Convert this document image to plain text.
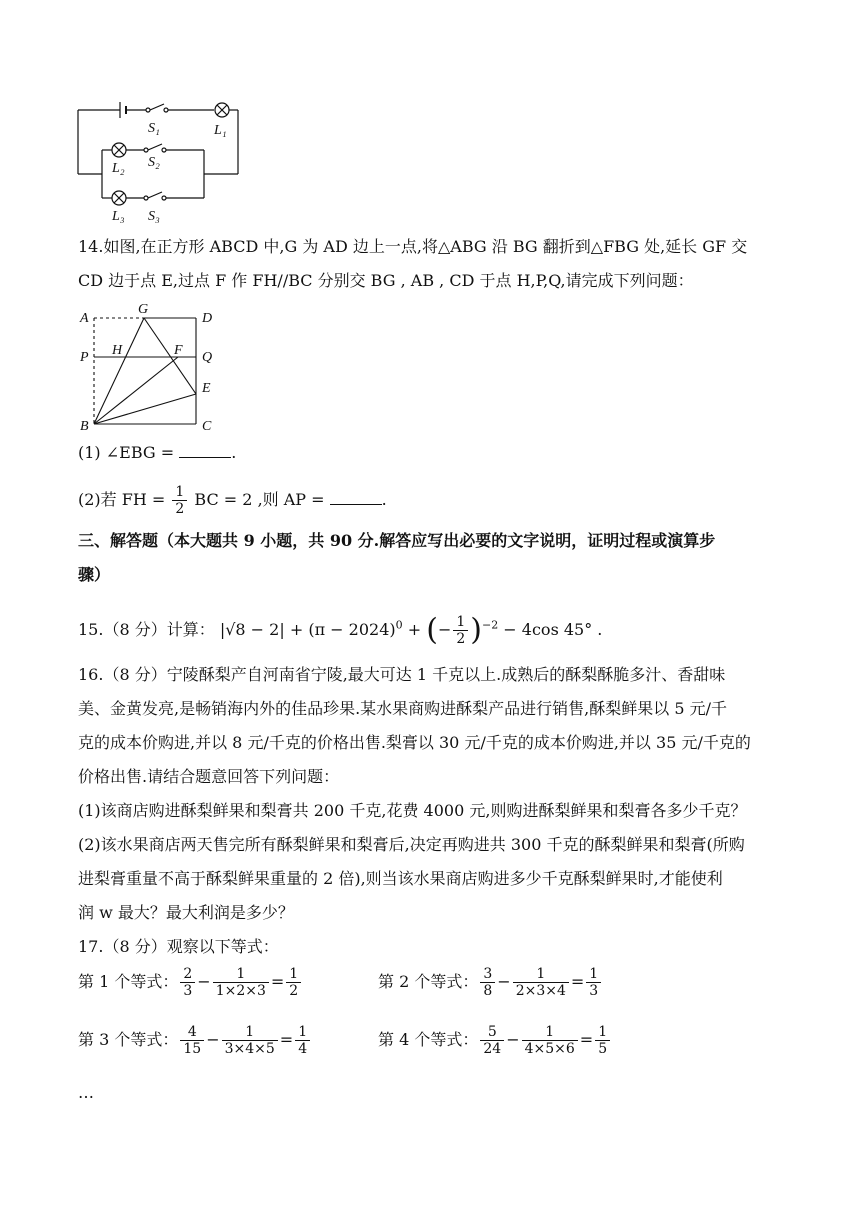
S₁	L₁
L₂ S₂
L₃ S₃
14.如图,在正方形 ABCD 中,G 为 AD 边上一点,将△ABG 沿 BG 翻折到△FBG 处,延长 GF 交
CD 边于点 E,过点 F 作 FH//BC 分别交 BG , AB , CD 于点 H,P,Q,请完成下列问题：
A
G
D
P H	F Q
E
B	C
(1) ∠EBG =	.
(2)若 FH = $\frac{1}{2}$ BC = 2 ,则 AP =	.
三、解答题（本大题共 9 小题，共 90 分.解答应写出必要的文字说明，证明过程或演算步
骤）
15.（8 分）计算： $|√8 - 2| + (\pi - 2024)^0$ + (− $\frac{1}{2} )^{-2} - 4\cos$ 45° .
16.（8 分）宁陵酥梨产自河南省宁陵,最大可达 1 千克以上.成熟后的酥梨酥脆多汁、香甜味
美、金黄发亮,是畅销海内外的佳品珍果.某水果商购进酥梨产品进行销售,酥梨鲜果以 5 元/千
克的成本价购进,并以 8 元/千克的价格出售.梨膏以 30 元/千克的成本价购进,并以 35 元/千克的
价格出售.请结合题意回答下列问题：
(1)该商店购进酥梨鲜果和梨膏共 200 千克,花费 4000 元,则购进酥梨鲜果和梨膏各多少千克？
(2)该水果商店两天售完所有酥梨鲜果和梨膏后,决定再购进共 300 千克的酥梨鲜果和梨膏(所购
进梨膏重量不高于酥梨鲜果重量的 2 倍),则当该水果商店购进多少千克酥梨鲜果时,才能使利
润 w 最大？最大利润是多少？
17.（8 分）观察以下等式：
第 1 个等式： $\frac{2}{3} - \frac{1}{1\times 2\times 3} = \frac{1}{2}$	第 2 个等式： $\frac{3}{8} - \frac{1}{2\times 3\times 4} = \frac{1}{3}$
第 3 个等式： $\frac{4}{15} - \frac{1}{3\times 4\times 5} = \frac{1}{4}$	第 4 个等式： $\frac{5}{24} - \frac{1}{4\times 5\times 6} = \frac{1}{5}$
…
